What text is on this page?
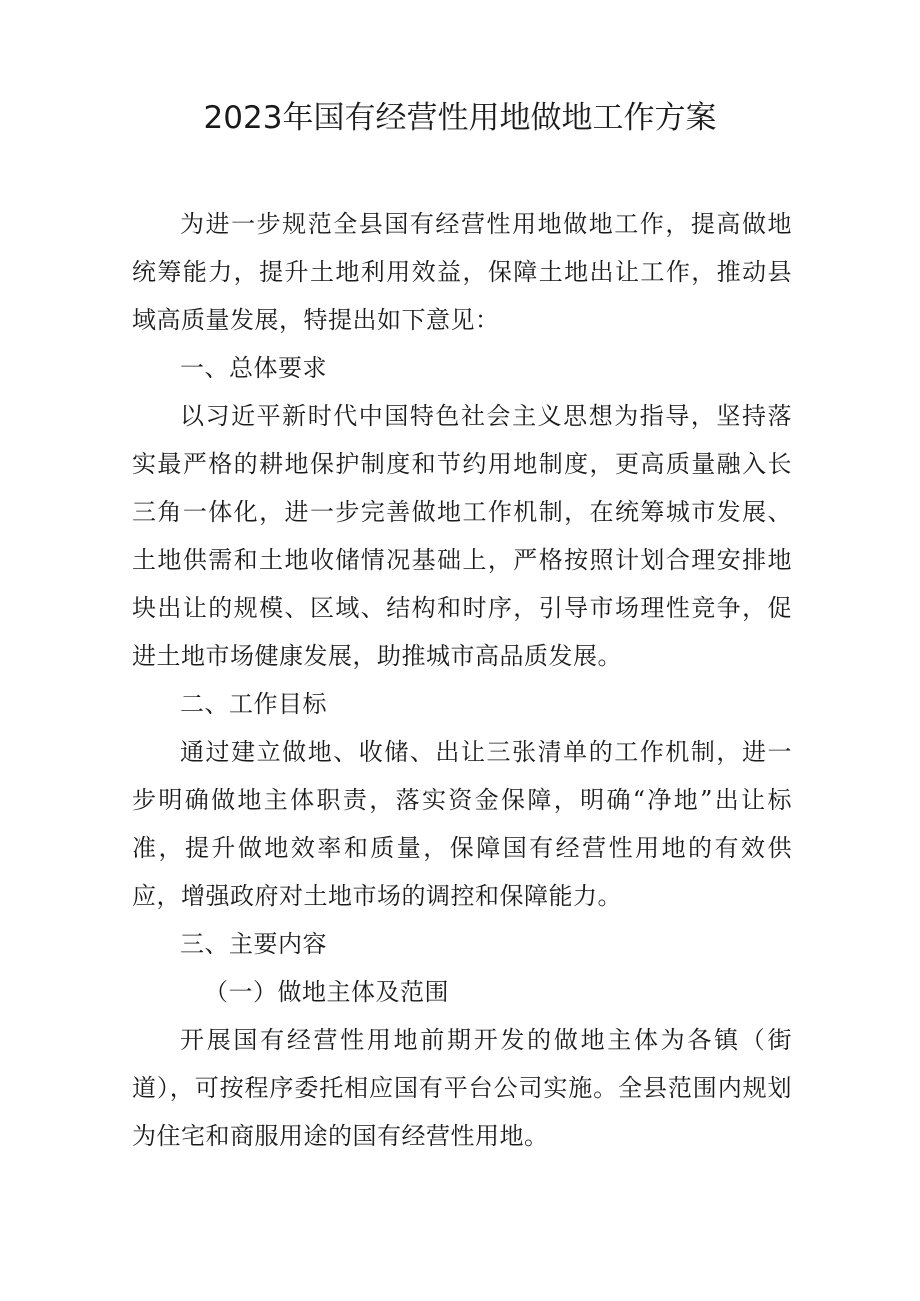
2023年国有经营性用地做地工作方案

为进一步规范全县国有经营性用地做地工作，提高做地统筹能力，提升土地利用效益，保障土地出让工作，推动县域高质量发展，特提出如下意见：

一、总体要求

以习近平新时代中国特色社会主义思想为指导，坚持落实最严格的耕地保护制度和节约用地制度，更高质量融入长三角一体化，进一步完善做地工作机制，在统筹城市发展、土地供需和土地收储情况基础上，严格按照计划合理安排地块出让的规模、区域、结构和时序，引导市场理性竞争，促进土地市场健康发展，助推城市高品质发展。

二、工作目标

通过建立做地、收储、出让三张清单的工作机制，进一步明确做地主体职责，落实资金保障，明确“净地”出让标准，提升做地效率和质量，保障国有经营性用地的有效供应，增强政府对土地市场的调控和保障能力。

三、主要内容

（一）做地主体及范围

开展国有经营性用地前期开发的做地主体为各镇（街道），可按程序委托相应国有平台公司实施。全县范围内规划为住宅和商服用途的国有经营性用地。
